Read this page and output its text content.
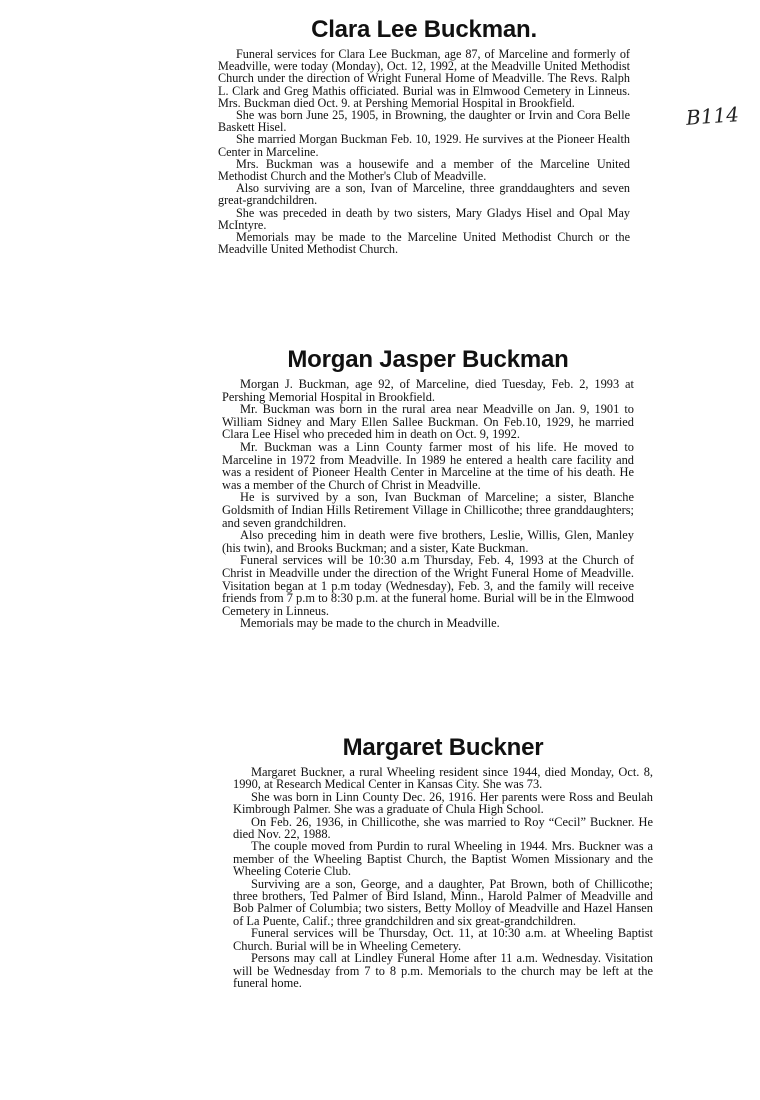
B114
Clara Lee Buckman.

Funeral services for Clara Lee Buckman, age 87, of Marceline and formerly of Meadville, were today (Monday), Oct. 12, 1992, at the Meadville United Methodist Church under the direction of Wright Funeral Home of Meadville. The Revs. Ralph L. Clark and Greg Mathis officiated. Burial was in Elmwood Cemetery in Linneus. Mrs. Buckman died Oct. 9. at Pershing Memorial Hospital in Brookfield.

She was born June 25, 1905, in Browning, the daughter or Irvin and Cora Belle Baskett Hisel.

She married Morgan Buckman Feb. 10, 1929. He survives at the Pioneer Health Center in Marceline.

Mrs. Buckman was a housewife and a member of the Marceline United Methodist Church and the Mother's Club of Meadville.

Also surviving are a son, Ivan of Marceline, three granddaughters and seven great-grandchildren.

She was preceded in death by two sisters, Mary Gladys Hisel and Opal May McIntyre.

Memorials may be made to the Marceline United Methodist Church or the Meadville United Methodist Church.

Morgan Jasper Buckman

Morgan J. Buckman, age 92, of Marceline, died Tuesday, Feb. 2, 1993 at Pershing Memorial Hospital in Brookfield.

Mr. Buckman was born in the rural area near Meadville on Jan. 9, 1901 to William Sidney and Mary Ellen Sallee Buckman. On Feb.10, 1929, he married Clara Lee Hisel who preceded him in death on Oct. 9, 1992.

Mr. Buckman was a Linn County farmer most of his life. He moved to Marceline in 1972 from Meadville. In 1989 he entered a health care facility and was a resident of Pioneer Health Center in Marceline at the time of his death. He was a member of the Church of Christ in Meadville.

He is survived by a son, Ivan Buckman of Marceline; a sister, Blanche Goldsmith of Indian Hills Retirement Village in Chillicothe; three granddaughters; and seven grandchildren.

Also preceding him in death were five brothers, Leslie, Willis, Glen, Manley (his twin), and Brooks Buckman; and a sister, Kate Buckman.

Funeral services will be 10:30 a.m Thursday, Feb. 4, 1993 at the Church of Christ in Meadville under the direction of the Wright Funeral Home of Meadville. Visitation began at 1 p.m today (Wednesday), Feb. 3, and the family will receive friends from 7 p.m to 8:30 p.m. at the funeral home. Burial will be in the Elmwood Cemetery in Linneus.

Memorials may be made to the church in Meadville.

Margaret Buckner

Margaret Buckner, a rural Wheeling resident since 1944, died Monday, Oct. 8, 1990, at Research Medical Center in Kansas City. She was 73.

She was born in Linn County Dec. 26, 1916. Her parents were Ross and Beulah Kimbrough Palmer. She was a graduate of Chula High School.

On Feb. 26, 1936, in Chillicothe, she was married to Roy “Cecil” Buckner. He died Nov. 22, 1988.

The couple moved from Purdin to rural Wheeling in 1944. Mrs. Buckner was a member of the Wheeling Baptist Church, the Baptist Women Missionary and the Wheeling Coterie Club.

Surviving are a son, George, and a daughter, Pat Brown, both of Chillicothe; three brothers, Ted Palmer of Bird Island, Minn., Harold Palmer of Meadville and Bob Palmer of Columbia; two sisters, Betty Molloy of Meadville and Hazel Hansen of La Puente, Calif.; three grandchildren and six great-grandchildren.

Funeral services will be Thursday, Oct. 11, at 10:30 a.m. at Wheeling Baptist Church. Burial will be in Wheeling Cemetery.

Persons may call at Lindley Funeral Home after 11 a.m. Wednesday. Visitation will be Wednesday from 7 to 8 p.m. Memorials to the church may be left at the funeral home.
